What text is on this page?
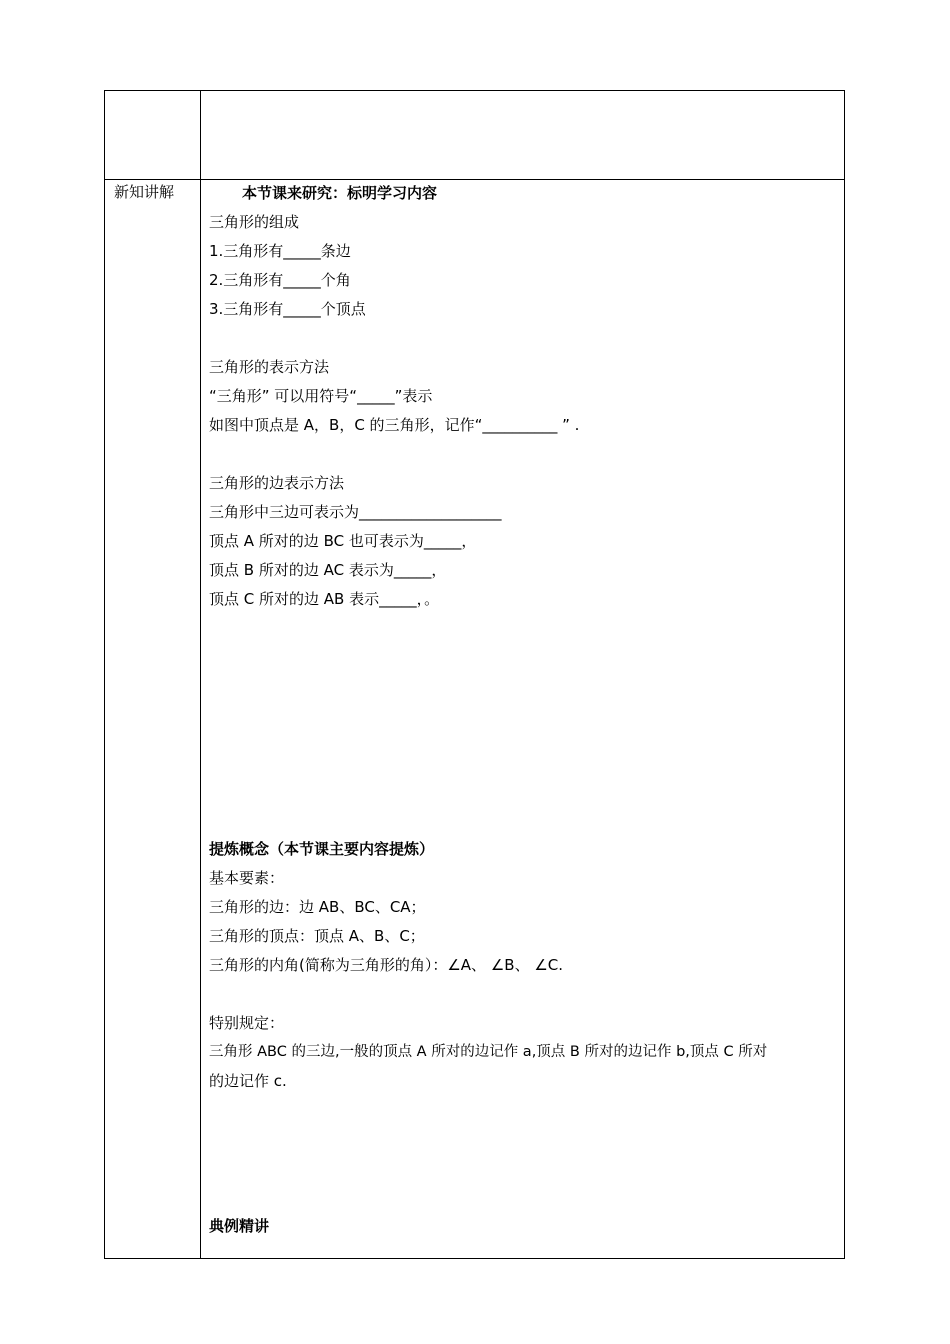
新知讲解	本节课来研究：标明学习内容
三角形的组成
1.三角形有_____条边
2.三角形有_____个角
3.三角形有_____个顶点
三角形的表示方法
“三角形” 可以用符号“_____”表示
如图中顶点是 A，B，C 的三角形，记作“__________ ” .
三角形的边表示方法
三角形中三边可表示为___________________
顶点 A 所对的边 BC 也可表示为_____，
顶点 B 所对的边 AC 表示为_____，
顶点 C 所对的边 AB 表示_____，。
提炼概念（本节课主要内容提炼）
基本要素：
三角形的边：边 AB、BC、CA；
三角形的顶点：顶点 A、B、C；
三角形的内角(简称为三角形的角）：∠A、 ∠B、 ∠C.
特别规定：
三角形 ABC 的三边,一般的顶点 A 所对的边记作 a,顶点 B 所对的边记作 b,顶点 C 所对
的边记作 c.
典例精讲
